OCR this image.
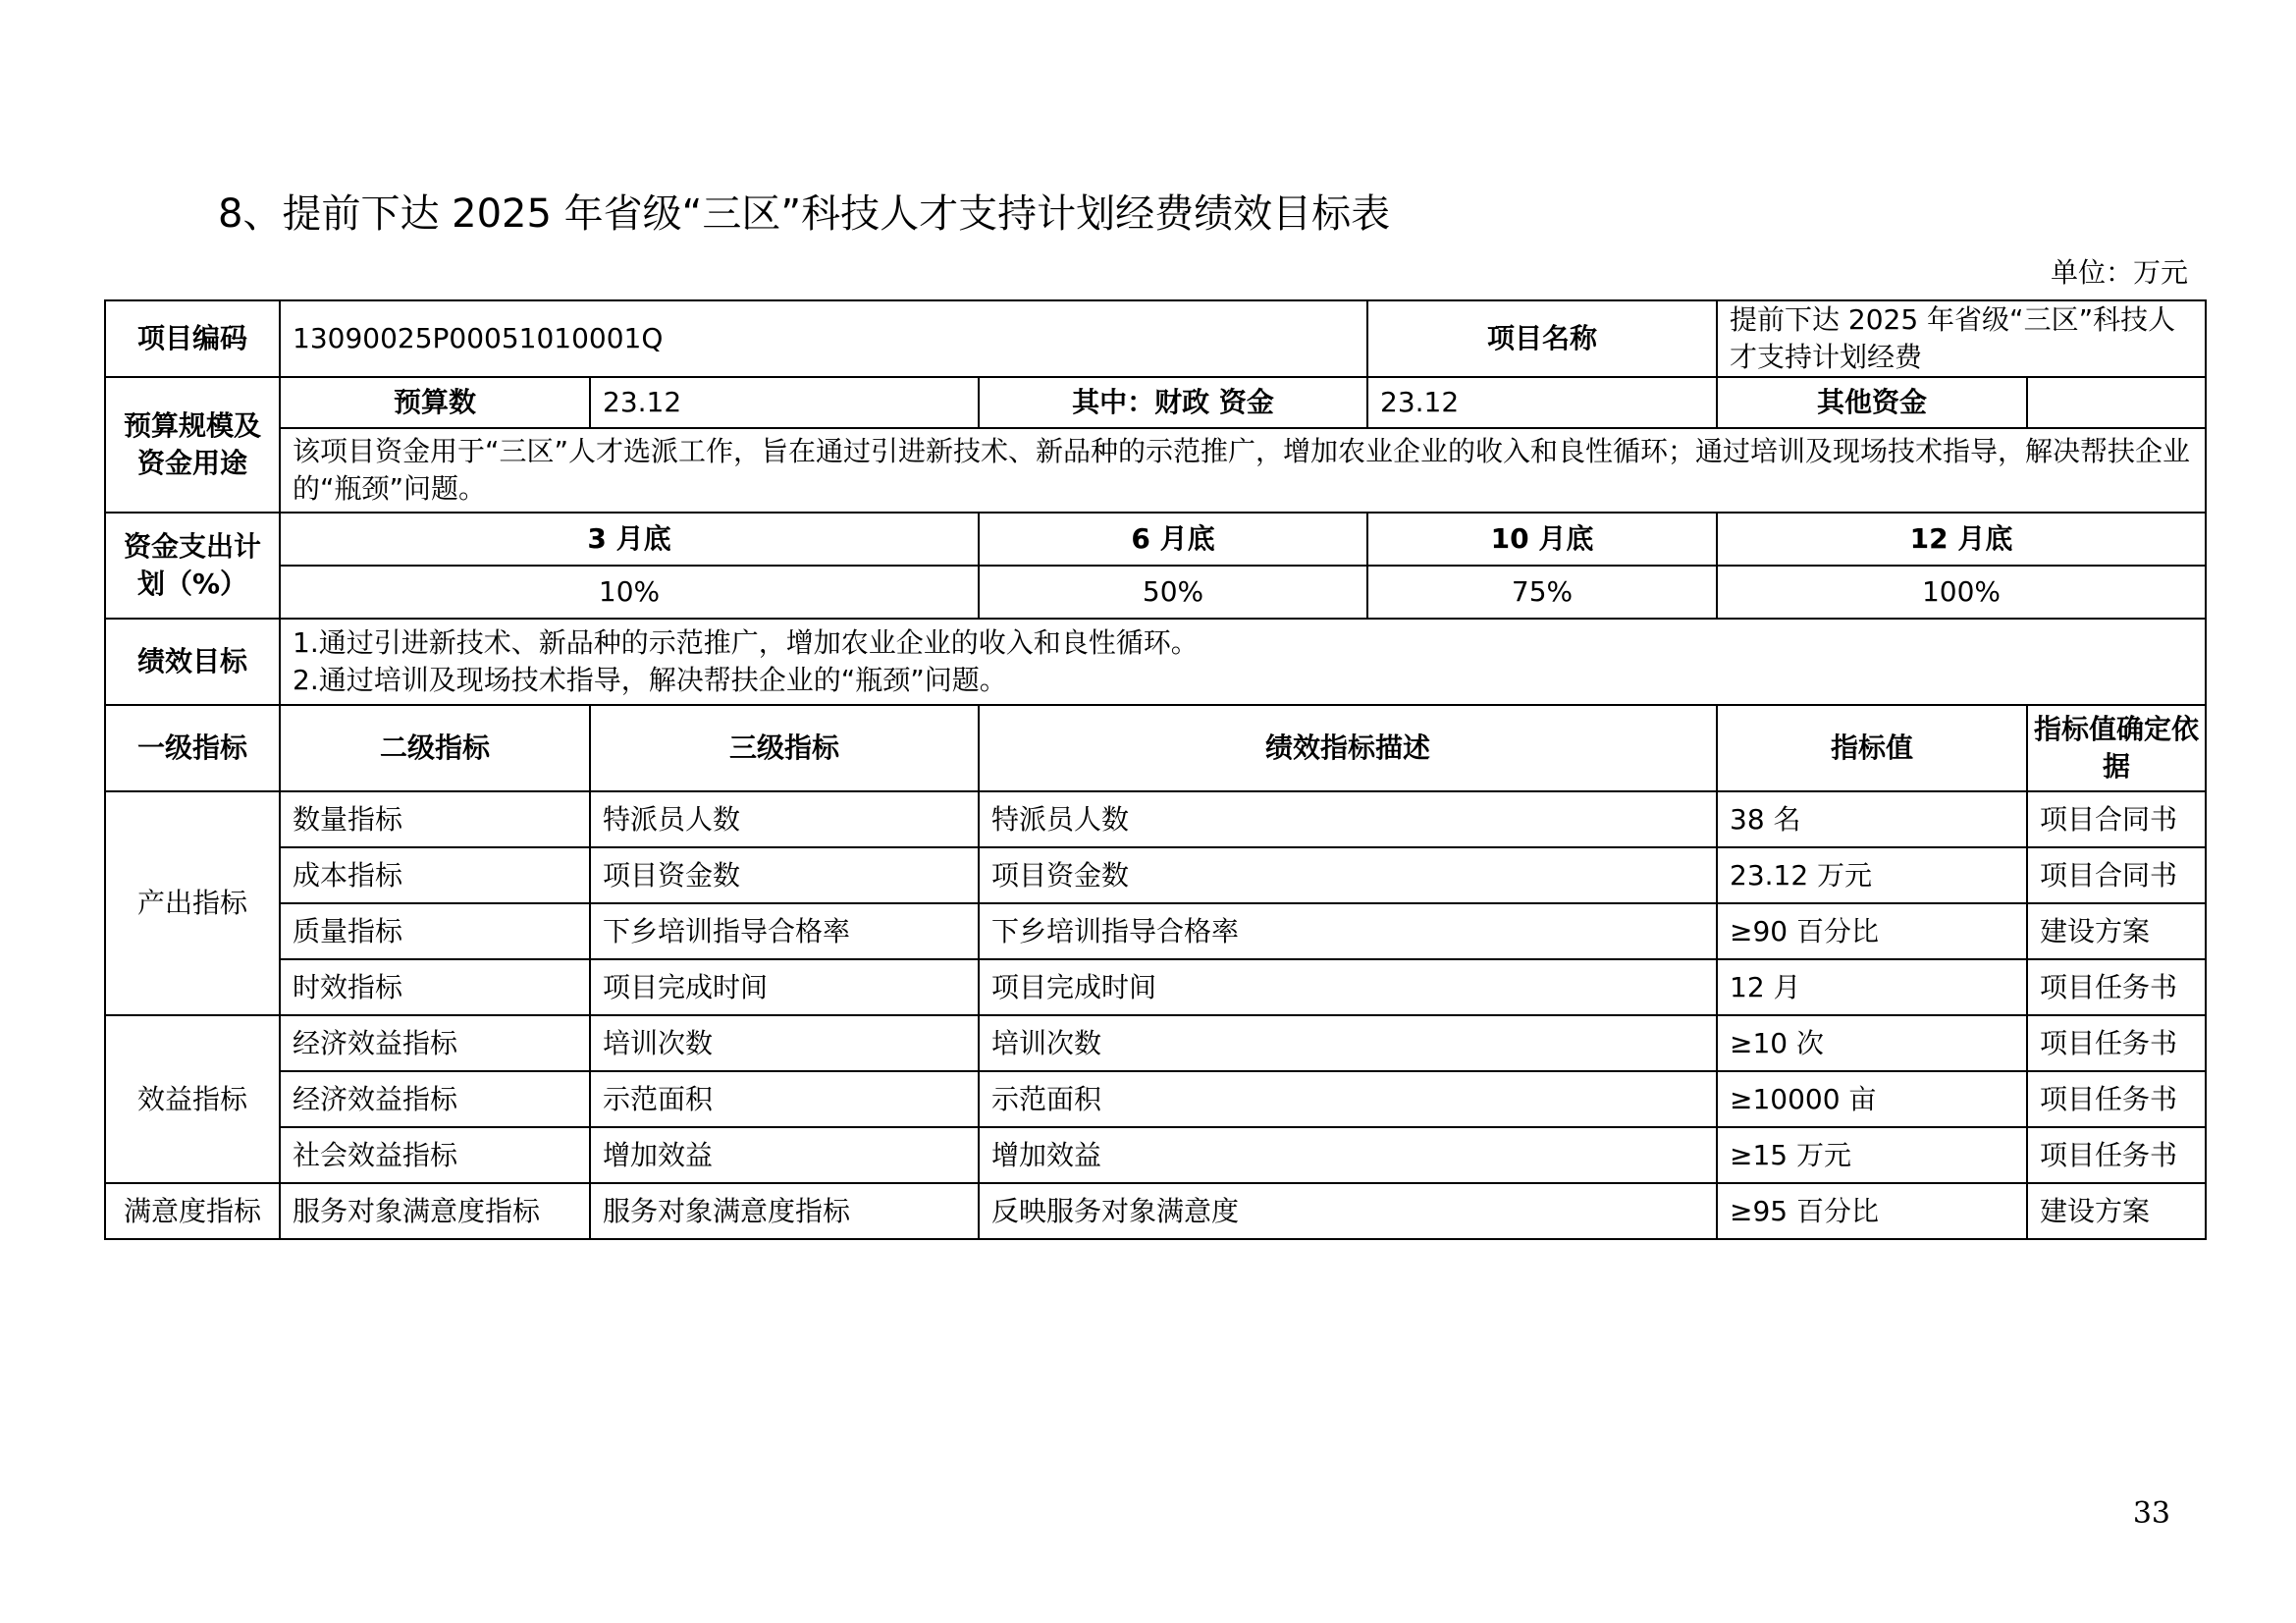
8、提前下达 2025 年省级“三区”科技人才支持计划经费绩效目标表
单位：万元
项目编码	13090025P00051010001Q			项目名称	提前下达 2025 年省级“三区”科技人才支持计划经费	
预算规模及资金用途	预算数	23.12	其中：财政 资金	23.12	其他资金	
	该项目资金用于“三区”人才选派工作，旨在通过引进新技术、新品种的示范推广，增加农业企业的收入和良性循环；通过培训及现场技术指导，解决帮扶企业的“瓶颈”问题。					
资金支出计划（%）	3 月底		6 月底	10 月底	12 月底	
	10%		50%	75%	100%	
绩效目标	1.通过引进新技术、新品种的示范推广，增加农业企业的收入和良性循环。
2.通过培训及现场技术指导，解决帮扶企业的“瓶颈”问题。					

一级指标	二级指标	三级指标	绩效指标描述		指标值	指标值确定依据
产出指标	数量指标	特派员人数	特派员人数		38 名	项目合同书
	成本指标	项目资金数	项目资金数		23.12 万元	项目合同书
	质量指标	下乡培训指导合格率	下乡培训指导合格率		≥90 百分比	建设方案
	时效指标	项目完成时间	项目完成时间		12 月	项目任务书
效益指标	经济效益指标	培训次数	培训次数		≥10 次	项目任务书
	经济效益指标	示范面积	示范面积		≥10000 亩	项目任务书
	社会效益指标	增加效益	增加效益		≥15 万元	项目任务书
满意度指标	服务对象满意度指标	服务对象满意度指标	反映服务对象满意度		≥95 百分比	建设方案
33
